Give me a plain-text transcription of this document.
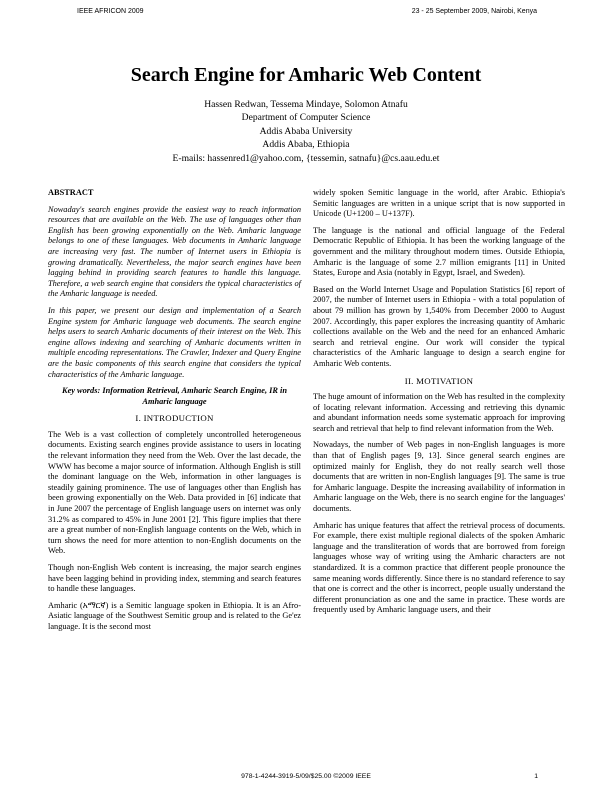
IEEE AFRICON 2009	23 - 25 September 2009, Nairobi, Kenya
Search Engine for Amharic Web Content
Hassen Redwan, Tessema Mindaye, Solomon Atnafu
Department of Computer Science
Addis Ababa University
Addis Ababa, Ethiopia
E-mails: hassenred1@yahoo.com, {tessemin, satnafu}@cs.aau.edu.et

ABSTRACT

Nowaday's search engines provide the easiest way to reach information resources that are available on the Web. The use of languages other than English has been growing exponentially on the Web. Amharic language belongs to one of these languages. Web documents in Amharic language are increasing very fast. The number of Internet users in Ethiopia is growing dramatically. Nevertheless, the major search engines have been lagging behind in providing search features to handle this language. Therefore, a web search engine that considers the typical characteristics of the Amharic language is needed.

In this paper, we present our design and implementation of a Search Engine system for Amharic language web documents. The search engine helps users to search Amharic documents of their interest on the Web. This engine allows indexing and searching of Amharic documents written in multiple encoding representations. The Crawler, Indexer and Query Engine are the basic components of this search engine that considers the typical characteristics of the Amharic language.

Key words: Information Retrieval, Amharic Search Engine, IR in Amharic language

I. INTRODUCTION

The Web is a vast collection of completely uncontrolled heterogeneous documents. Existing search engines provide assistance to users in locating the relevant information they need from the Web. Over the last decade, the WWW has become a major source of information. Although English is still the dominant language on the Web, information in other languages is steadily gaining prominence. The use of languages other than English has been growing exponentially on the Web. Data provided in [6] indicate that in June 2007 the percentage of English language users on internet was only 31.2% as compared to 45% in June 2001 [2]. This figure implies that there are a great number of non-English language contents on the Web, which in turn shows the need for more attention to non-English documents on the Web.

Though non-English Web content is increasing, the major search engines have been lagging behind in providing index, stemming and search features to handle these languages.

Amharic (አማርኛ) is a Semitic language spoken in Ethiopia. It is an Afro-Asiatic language of the Southwest Semitic group and is related to the Ge'ez language. It is the second most

widely spoken Semitic language in the world, after Arabic. Ethiopia's Semitic languages are written in a unique script that is now supported in Unicode (U+1200 – U+137F).

The language is the national and official language of the Federal Democratic Republic of Ethiopia. It has been the working language of the government and the military throughout modern times. Outside Ethiopia, Amharic is the language of some 2.7 million emigrants [11] in United States, Europe and Asia (notably in Egypt, Israel, and Sweden).

Based on the World Internet Usage and Population Statistics [6] report of 2007, the number of Internet users in Ethiopia - with a total population of about 79 million has grown by 1,540% from December 2000 to August 2007. Accordingly, this paper explores the increasing quantity of Amharic collections available on the Web and the need for an enhanced Amharic search and retrieval engine. Our work will consider the typical characteristics of the Amharic language to design a search engine for Amharic Web contents.

II. MOTIVATION

The huge amount of information on the Web has resulted in the complexity of locating relevant information. Accessing and retrieving this dynamic and abundant information needs some systematic approach for improving search and retrieval that help to find relevant information from the Web.

Nowadays, the number of Web pages in non-English languages is more than that of English pages [9, 13]. Since general search engines are optimized mainly for English, they do not really search well those documents that are written in non-English languages [9]. The same is true for Amharic language. Despite the increasing availability of information in Amharic language on the Web, there is no search engine for the languages' documents.

Amharic has unique features that affect the retrieval process of documents. For example, there exist multiple regional dialects of the spoken Amharic language and the transliteration of words that are borrowed from foreign languages whose way of writing using the Amharic characters are not standardized. It is a common practice that different people pronounce the same meaning words differently. Since there is no standard reference to say that one is correct and the other is incorrect, people usually understand the different pronunciation as one and the same in practice. These words are frequently used by Amharic language users, and their

978-1-4244-3919-5/09/$25.00 ©2009 IEEE	1
